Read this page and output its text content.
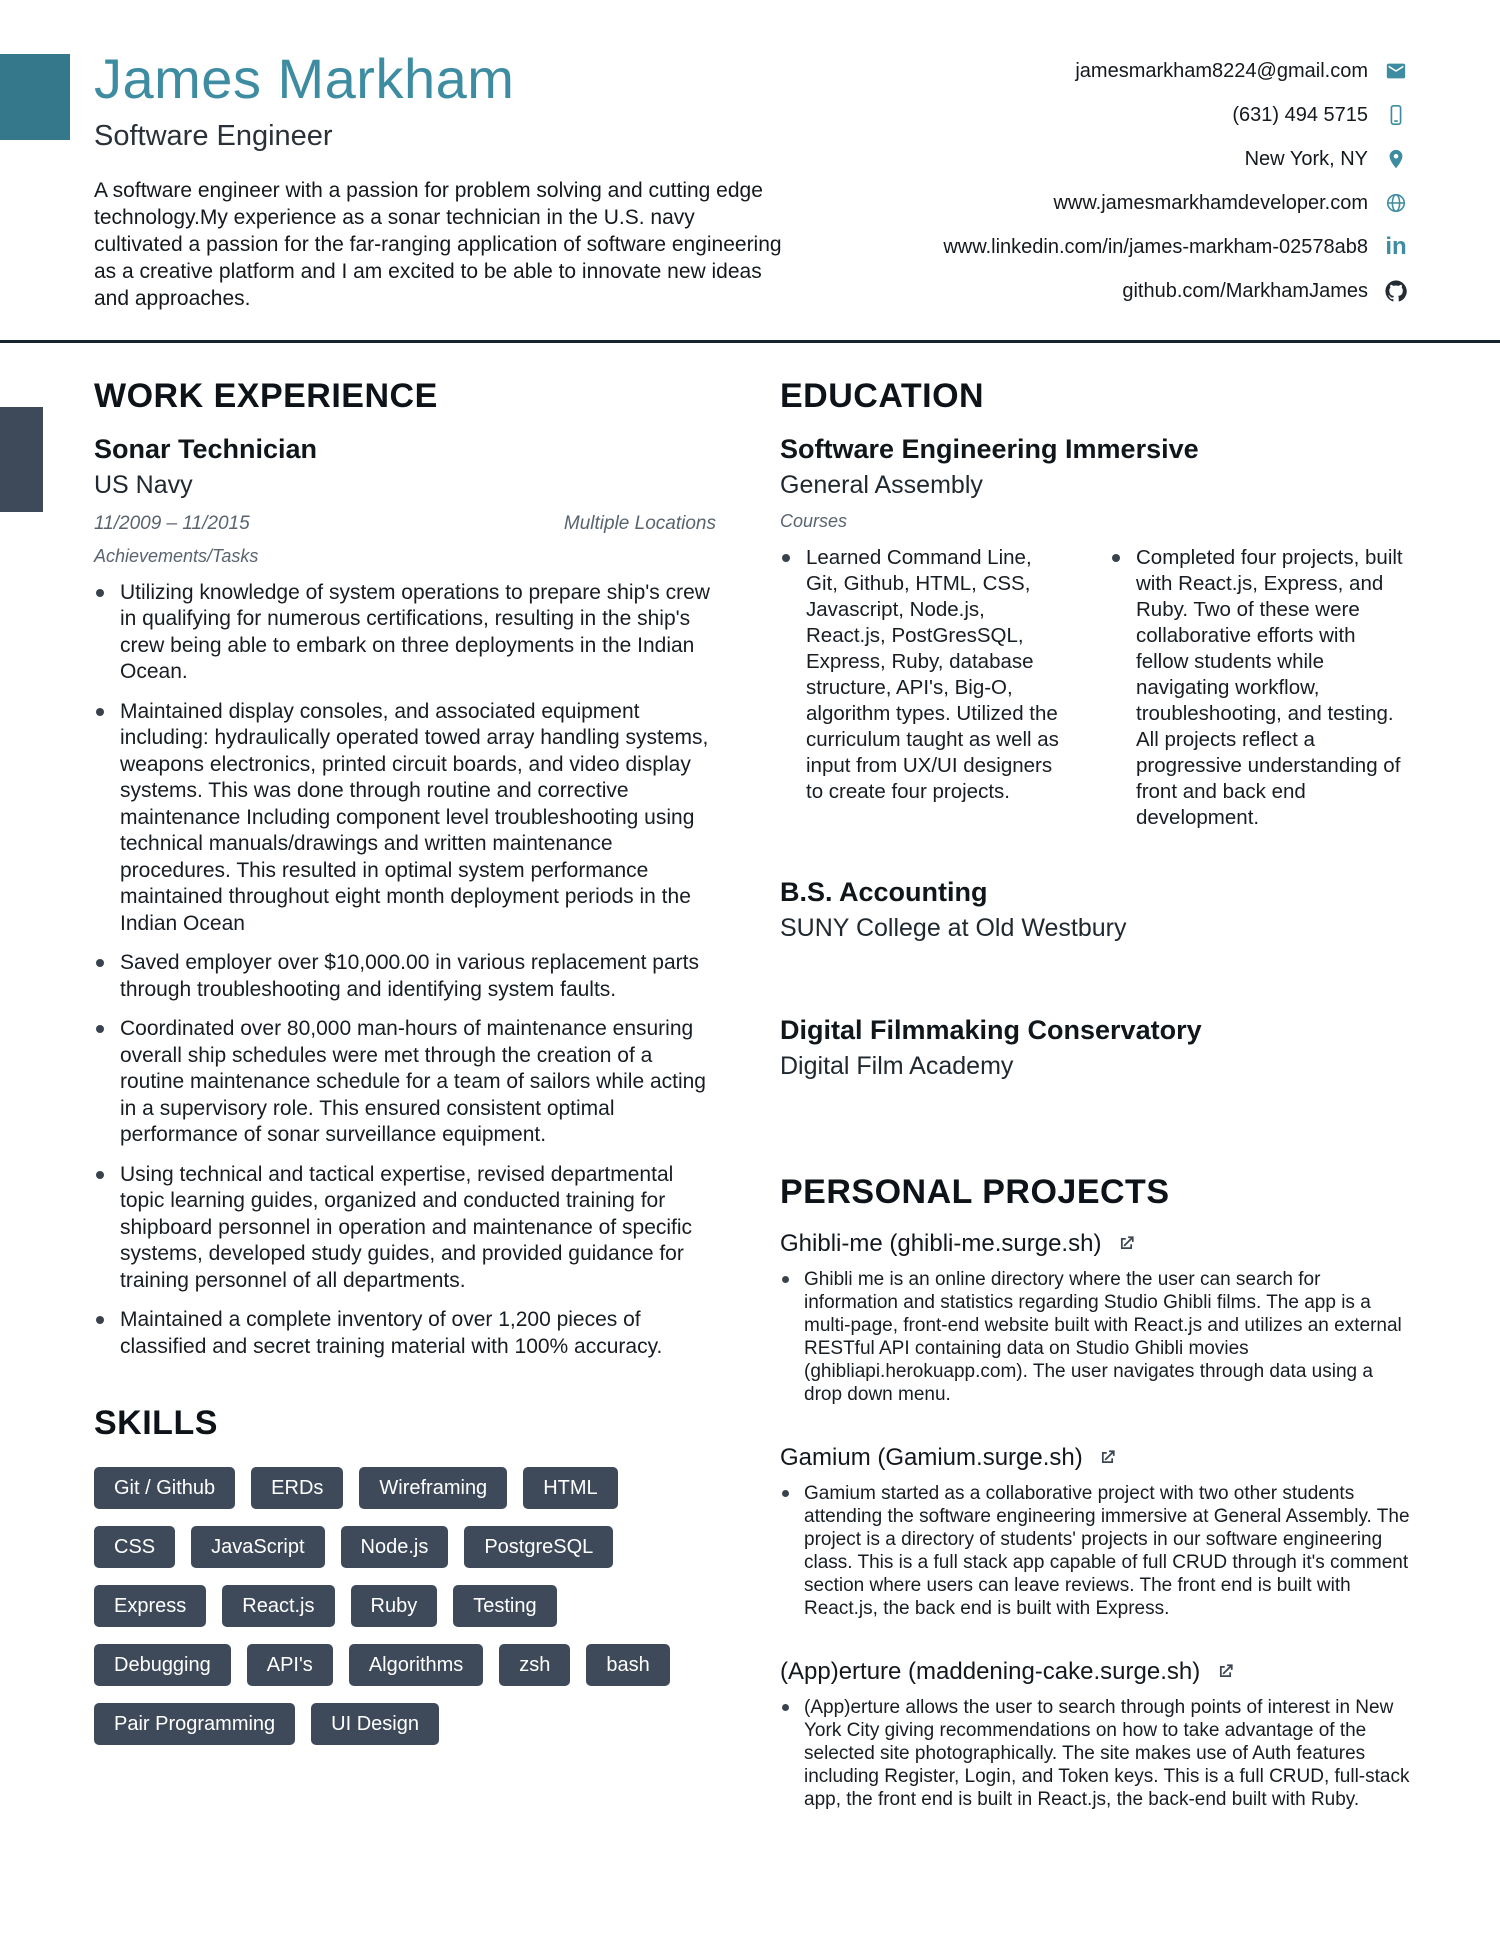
James Markham
Software Engineer
A software engineer with a passion for problem solving and cutting edge technology.My experience as a sonar technician in the U.S. navy cultivated a passion for the far-ranging application of software engineering as a creative platform and I am excited to be able to innovate new ideas and approaches.
jamesmarkham8224@gmail.com
(631) 494 5715
New York, NY
www.jamesmarkhamdeveloper.com
www.linkedin.com/in/james-markham-02578ab8 in
github.com/MarkhamJames
WORK EXPERIENCE
Sonar Technician
US Navy
11/2009 – 11/2015	Multiple Locations
Achievements/Tasks
Utilizing knowledge of system operations to prepare ship's crew in qualifying for numerous certifications, resulting in the ship's crew being able to embark on three deployments in the Indian Ocean.
Maintained display consoles, and associated equipment including: hydraulically operated towed array handling systems, weapons electronics, printed circuit boards, and video display systems. This was done through routine and corrective maintenance Including component level troubleshooting using technical manuals/drawings and written maintenance procedures. This resulted in optimal system performance maintained throughout eight month deployment periods in the Indian Ocean
Saved employer over $10,000.00 in various replacement parts through troubleshooting and identifying system faults.
Coordinated over 80,000 man-hours of maintenance ensuring overall ship schedules were met through the creation of a routine maintenance schedule for a team of sailors while acting in a supervisory role. This ensured consistent optimal performance of sonar surveillance equipment.
Using technical and tactical expertise, revised departmental topic learning guides, organized and conducted training for shipboard personnel in operation and maintenance of specific systems, developed study guides, and provided guidance for training personnel of all departments.
Maintained a complete inventory of over 1,200 pieces of classified and secret training material with 100% accuracy.
SKILLS
Git / Github	ERDs	Wireframing	HTML
CSS	JavaScript	Node.js	PostgreSQL
Express	React.js	Ruby	Testing
Debugging	API's	Algorithms	zsh	bash
Pair Programming	UI Design
EDUCATION
Software Engineering Immersive
General Assembly
Courses
Learned Command Line, Git, Github, HTML, CSS, Javascript, Node.js, React.js, PostGresSQL, Express, Ruby, database structure, API's, Big-O, algorithm types. Utilized the curriculum taught as well as input from UX/UI designers to create four projects.
Completed four projects, built with React.js, Express, and Ruby. Two of these were collaborative efforts with fellow students while navigating workflow, troubleshooting, and testing. All projects reflect a progressive understanding of front and back end development.
B.S. Accounting
SUNY College at Old Westbury
Digital Filmmaking Conservatory
Digital Film Academy
PERSONAL PROJECTS
Ghibli-me (ghibli-me.surge.sh)
Ghibli me is an online directory where the user can search for information and statistics regarding Studio Ghibli films. The app is a multi-page, front-end website built with React.js and utilizes an external RESTful API containing data on Studio Ghibli movies (ghibliapi.herokuapp.com). The user navigates through data using a drop down menu.
Gamium (Gamium.surge.sh)
Gamium started as a collaborative project with two other students attending the software engineering immersive at General Assembly. The project is a directory of students' projects in our software engineering class. This is a full stack app capable of full CRUD through it's comment section where users can leave reviews. The front end is built with React.js, the back end is built with Express.
(App)erture (maddening-cake.surge.sh)
(App)erture allows the user to search through points of interest in New York City giving recommendations on how to take advantage of the selected site photographically. The site makes use of Auth features including Register, Login, and Token keys. This is a full CRUD, full-stack app, the front end is built in React.js, the back-end built with Ruby.
